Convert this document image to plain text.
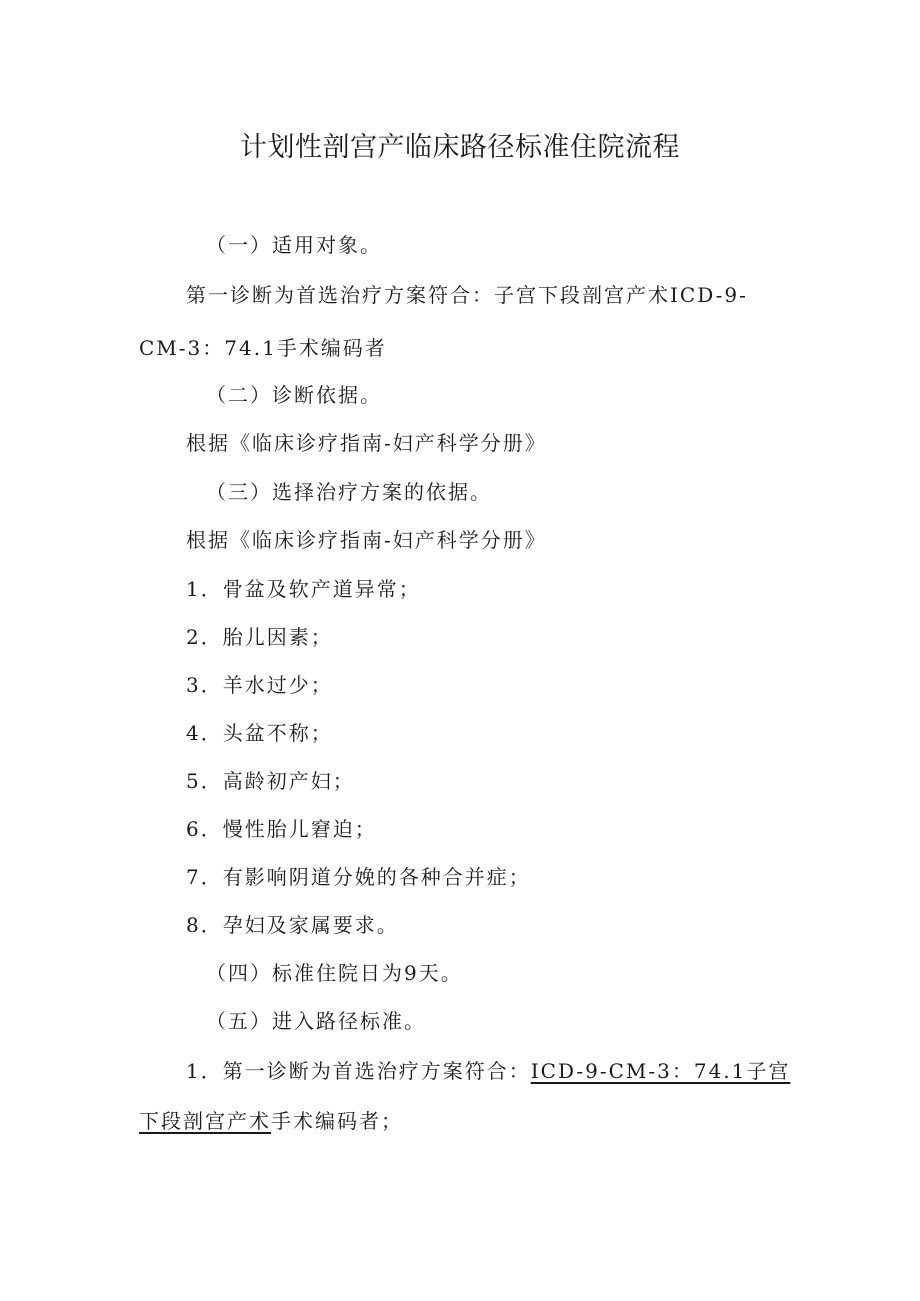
计划性剖宫产临床路径标准住院流程
（一）适用对象。
第一诊断为首选治疗方案符合：子宫下段剖宫产术ICD-9-
CM-3：74.1手术编码者
（二）诊断依据。
根据《临床诊疗指南-妇产科学分册》
（三）选择治疗方案的依据。
根据《临床诊疗指南-妇产科学分册》
1．骨盆及软产道异常；
2．胎儿因素；
3．羊水过少；
4．头盆不称；
5．高龄初产妇；
6．慢性胎儿窘迫；
7．有影响阴道分娩的各种合并症；
8．孕妇及家属要求。
（四）标准住院日为9天。
（五）进入路径标准。
1．第一诊断为首选治疗方案符合：ICD-9-CM-3：74.1子宫
下段剖宫产术手术编码者；
